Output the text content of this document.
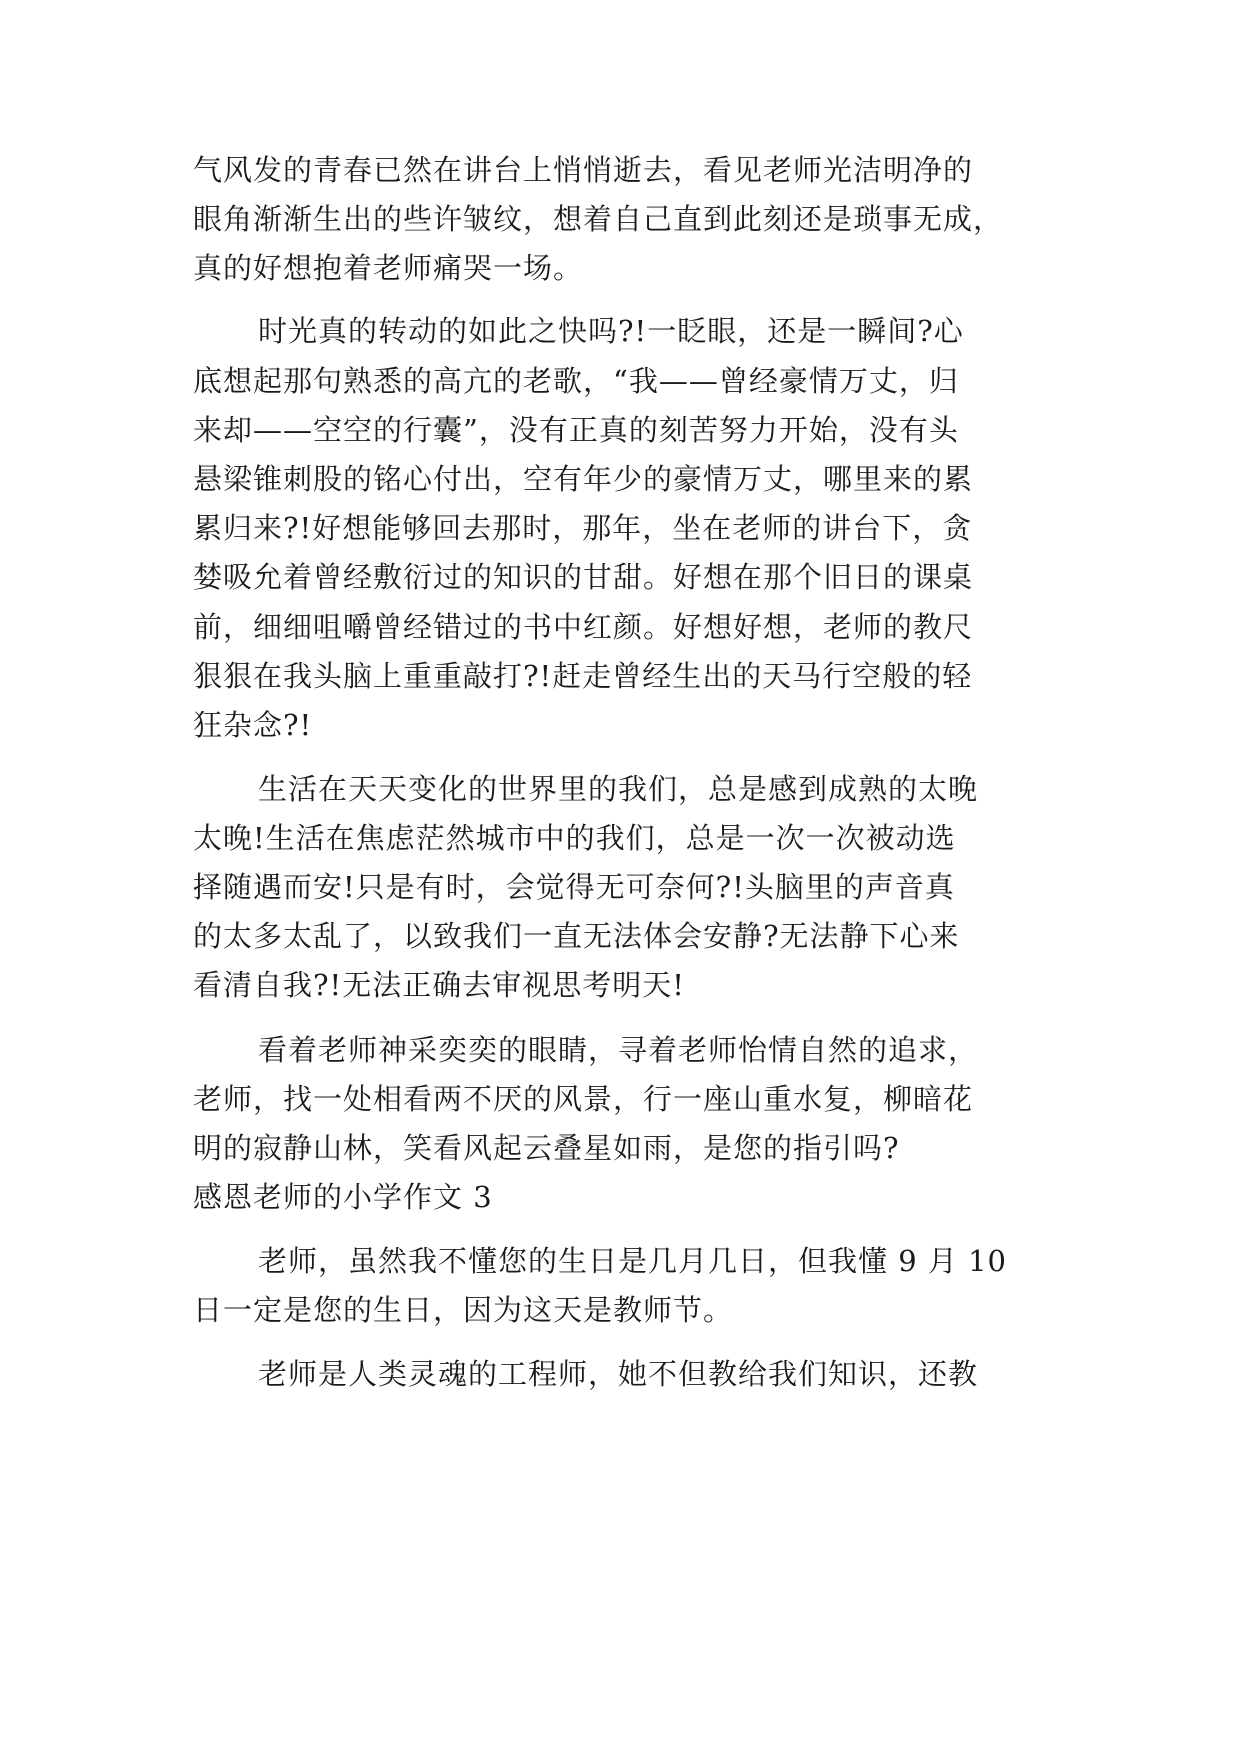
气风发的青春已然在讲台上悄悄逝去，看见老师光洁明净的
眼角渐渐生出的些许皱纹，想着自己直到此刻还是琐事无成，
真的好想抱着老师痛哭一场。
时光真的转动的如此之快吗?!一眨眼，还是一瞬间?心
底想起那句熟悉的高亢的老歌，“我——曾经豪情万丈，归
来却——空空的行囊”，没有正真的刻苦努力开始，没有头
悬梁锥刺股的铭心付出，空有年少的豪情万丈，哪里来的累
累归来?!好想能够回去那时，那年，坐在老师的讲台下，贪
婪吸允着曾经敷衍过的知识的甘甜。好想在那个旧日的课桌
前，细细咀嚼曾经错过的书中红颜。好想好想，老师的教尺
狠狠在我头脑上重重敲打?!赶走曾经生出的天马行空般的轻
狂杂念?!
生活在天天变化的世界里的我们，总是感到成熟的太晚
太晚!生活在焦虑茫然城市中的我们，总是一次一次被动选
择随遇而安!只是有时，会觉得无可奈何?!头脑里的声音真
的太多太乱了，以致我们一直无法体会安静?无法静下心来
看清自我?!无法正确去审视思考明天!
看着老师神采奕奕的眼睛，寻着老师怡情自然的追求，
老师，找一处相看两不厌的风景，行一座山重水复，柳暗花
明的寂静山林，笑看风起云叠星如雨，是您的指引吗?
感恩老师的小学作文 3
老师，虽然我不懂您的生日是几月几日，但我懂 9 月 10
日一定是您的生日，因为这天是教师节。
老师是人类灵魂的工程师，她不但教给我们知识，还教
